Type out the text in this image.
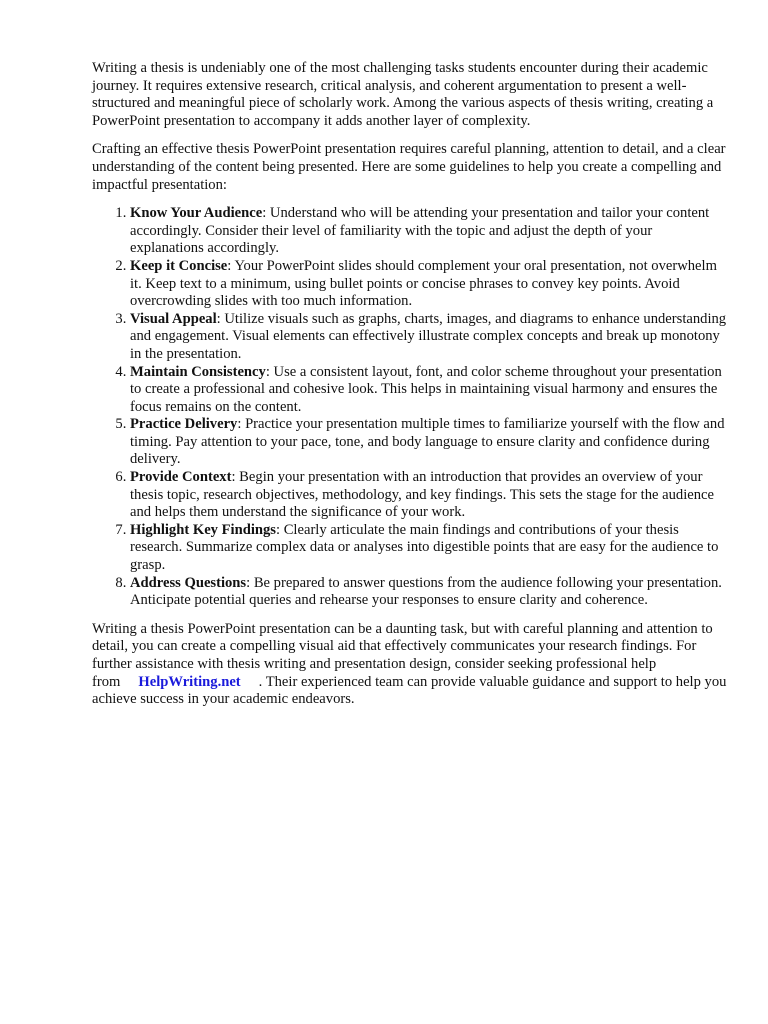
Writing a thesis is undeniably one of the most challenging tasks students encounter during their academic journey. It requires extensive research, critical analysis, and coherent argumentation to present a well-structured and meaningful piece of scholarly work. Among the various aspects of thesis writing, creating a PowerPoint presentation to accompany it adds another layer of complexity.

Crafting an effective thesis PowerPoint presentation requires careful planning, attention to detail, and a clear understanding of the content being presented. Here are some guidelines to help you create a compelling and impactful presentation:

1. Know Your Audience: Understand who will be attending your presentation and tailor your content accordingly. Consider their level of familiarity with the topic and adjust the depth of your explanations accordingly.
2. Keep it Concise: Your PowerPoint slides should complement your oral presentation, not overwhelm it. Keep text to a minimum, using bullet points or concise phrases to convey key points. Avoid overcrowding slides with too much information.
3. Visual Appeal: Utilize visuals such as graphs, charts, images, and diagrams to enhance understanding and engagement. Visual elements can effectively illustrate complex concepts and break up monotony in the presentation.
4. Maintain Consistency: Use a consistent layout, font, and color scheme throughout your presentation to create a professional and cohesive look. This helps in maintaining visual harmony and ensures the focus remains on the content.
5. Practice Delivery: Practice your presentation multiple times to familiarize yourself with the flow and timing. Pay attention to your pace, tone, and body language to ensure clarity and confidence during delivery.
6. Provide Context: Begin your presentation with an introduction that provides an overview of your thesis topic, research objectives, methodology, and key findings. This sets the stage for the audience and helps them understand the significance of your work.
7. Highlight Key Findings: Clearly articulate the main findings and contributions of your thesis research. Summarize complex data or analyses into digestible points that are easy for the audience to grasp.
8. Address Questions: Be prepared to answer questions from the audience following your presentation. Anticipate potential queries and rehearse your responses to ensure clarity and coherence.

Writing a thesis PowerPoint presentation can be a daunting task, but with careful planning and attention to detail, you can create a compelling visual aid that effectively communicates your research findings. For further assistance with thesis writing and presentation design, consider seeking professional help from HelpWriting.net . Their experienced team can provide valuable guidance and support to help you achieve success in your academic endeavors.
